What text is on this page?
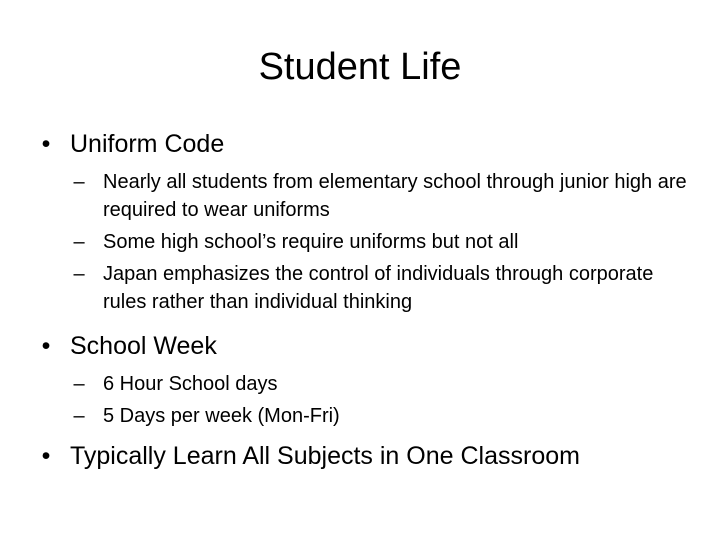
Student Life
• Uniform Code
– Nearly all students from elementary school through junior high are required to wear uniforms
– Some high school’s require uniforms but not all
– Japan emphasizes the control of individuals through corporate rules rather than individual thinking
• School Week
– 6 Hour School days
– 5 Days per week (Mon-Fri)
• Typically Learn All Subjects in One Classroom
